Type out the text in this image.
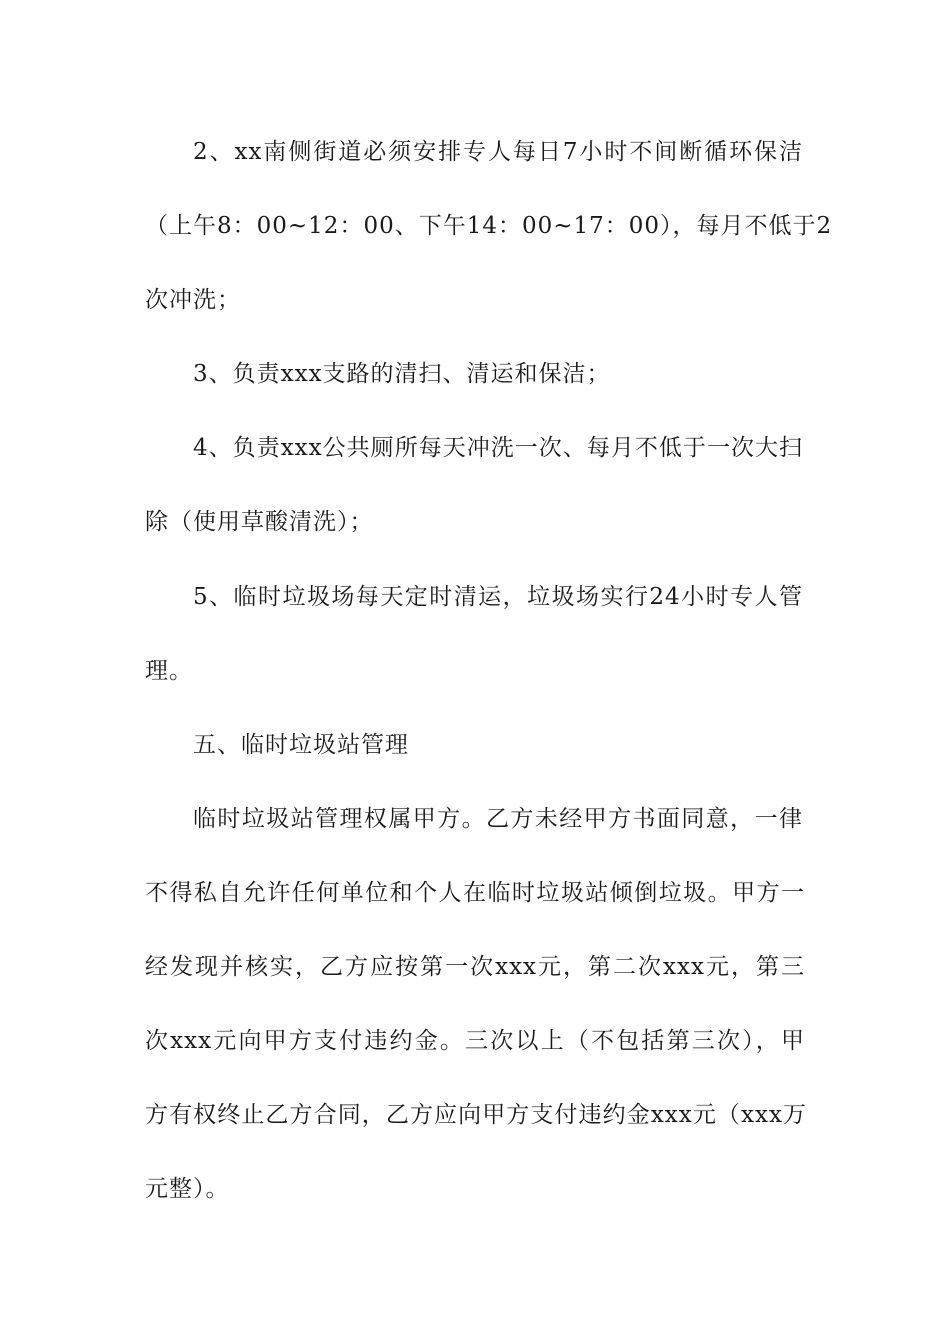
2、xx南侧街道必须安排专人每日7小时不间断循环保洁
（上午8：00~12：00、下午14：00~17：00），每月不低于2
次冲洗；
3、负责xxx支路的清扫、清运和保洁；
4、负责xxx公共厕所每天冲洗一次、每月不低于一次大扫
除（使用草酸清洗）；
5、临时垃圾场每天定时清运，垃圾场实行24小时专人管
理。
五、临时垃圾站管理
临时垃圾站管理权属甲方。乙方未经甲方书面同意，一律
不得私自允许任何单位和个人在临时垃圾站倾倒垃圾。甲方一
经发现并核实，乙方应按第一次xxx元，第二次xxx元，第三
次xxx元向甲方支付违约金。三次以上（不包括第三次），甲
方有权终止乙方合同，乙方应向甲方支付违约金xxx元（xxx万
元整）。
